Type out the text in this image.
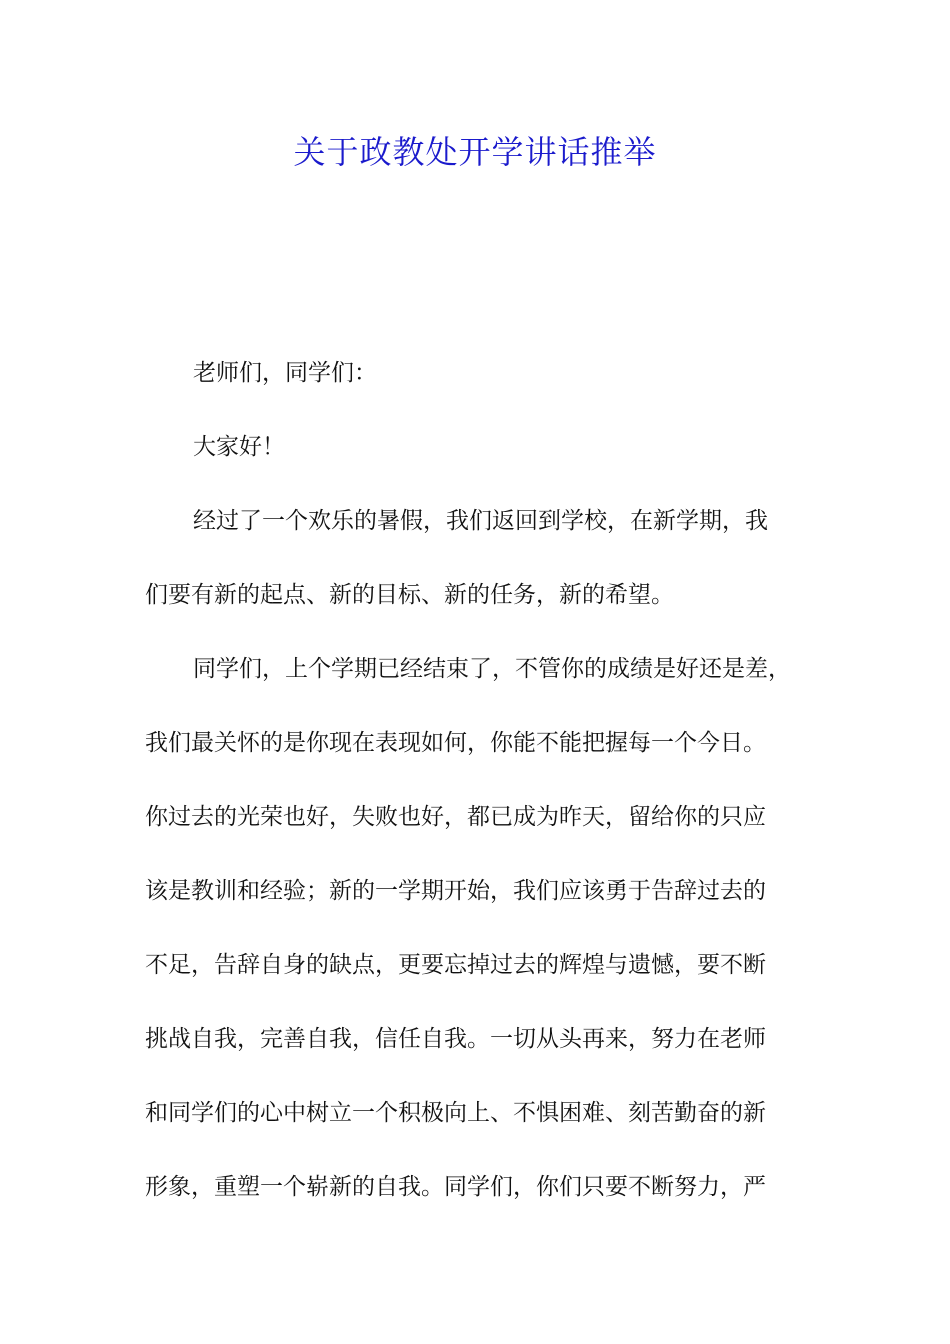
关于政教处开学讲话推举
老师们，同学们：
大家好！
经过了一个欢乐的暑假，我们返回到学校，在新学期，我
们要有新的起点、新的目标、新的任务，新的希望。
同学们，上个学期已经结束了，不管你的成绩是好还是差，
我们最关怀的是你现在表现如何，你能不能把握每一个今日。
你过去的光荣也好，失败也好，都已成为昨天，留给你的只应
该是教训和经验；新的一学期开始，我们应该勇于告辞过去的
不足，告辞自身的缺点，更要忘掉过去的辉煌与遗憾，要不断
挑战自我，完善自我，信任自我。一切从头再来，努力在老师
和同学们的心中树立一个积极向上、不惧困难、刻苦勤奋的新
形象，重塑一个崭新的自我。同学们，你们只要不断努力，严
